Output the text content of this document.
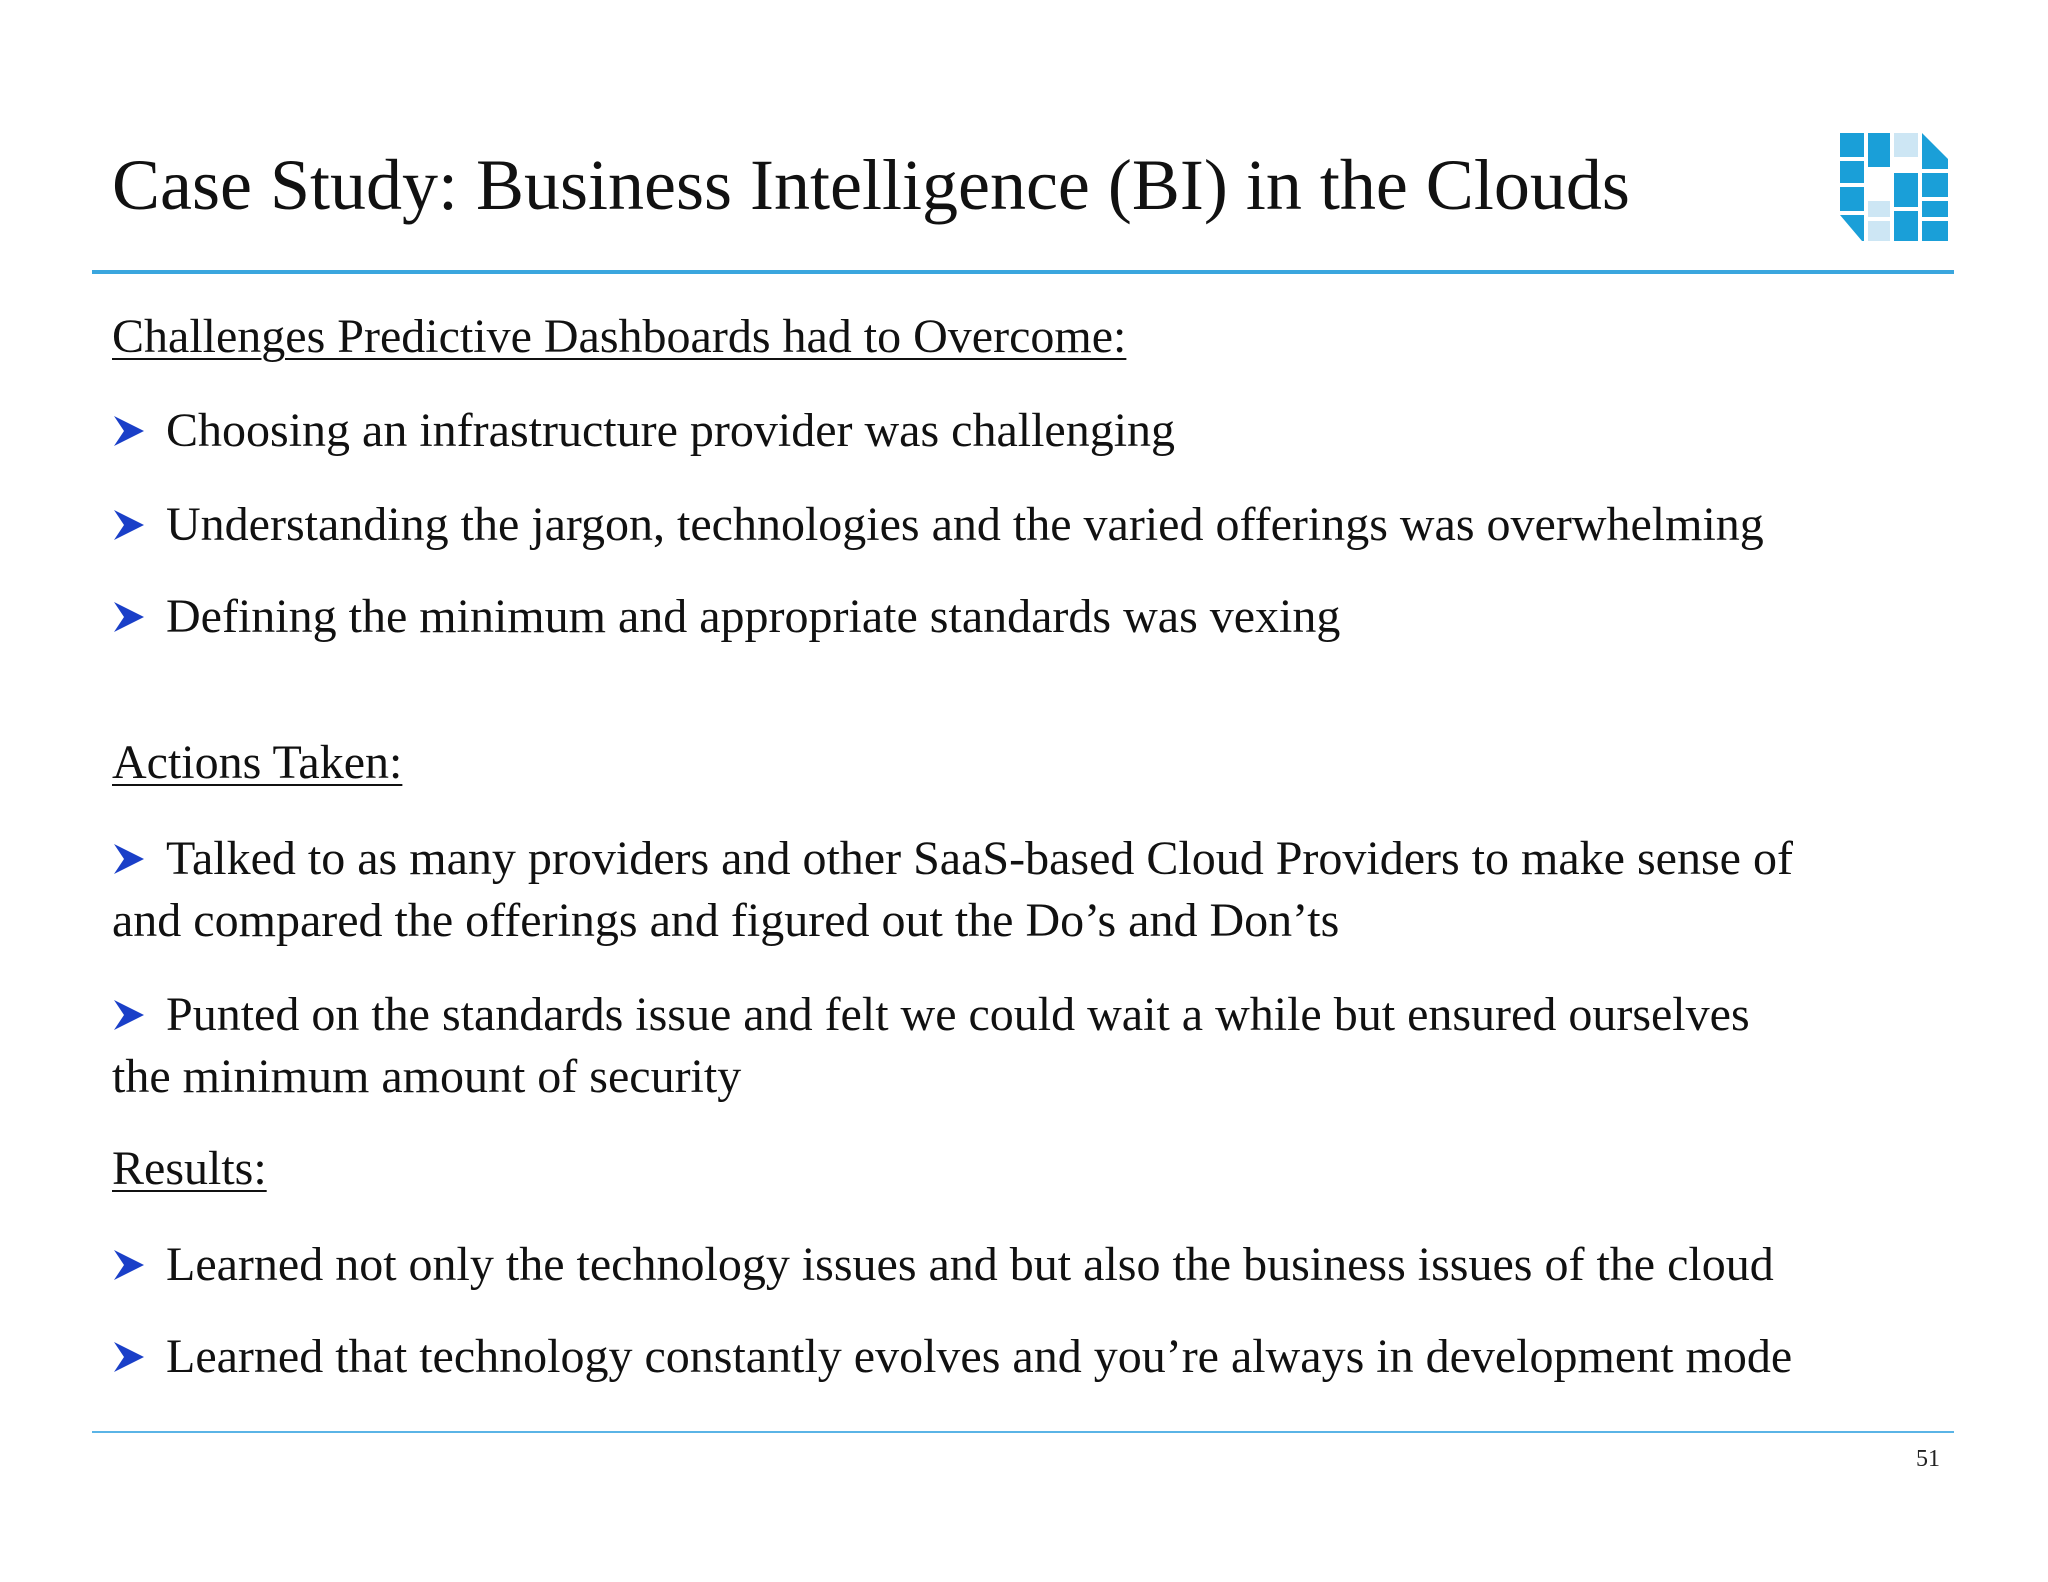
Case Study: Business Intelligence (BI) in the Clouds
Challenges Predictive Dashboards had to Overcome:
Choosing an infrastructure provider was challenging
Understanding the jargon, technologies and the varied offerings was overwhelming
Defining the minimum and appropriate standards was vexing
Actions Taken:
Talked to as many providers and other SaaS-based Cloud Providers to make sense of
and compared the offerings and figured out the Do’s and Don’ts
Punted on the standards issue and felt we could wait a while but ensured ourselves
the minimum amount of security
Results:
Learned not only the technology issues and but also the business issues of the cloud
Learned that technology constantly evolves and you’re always in development mode
51
